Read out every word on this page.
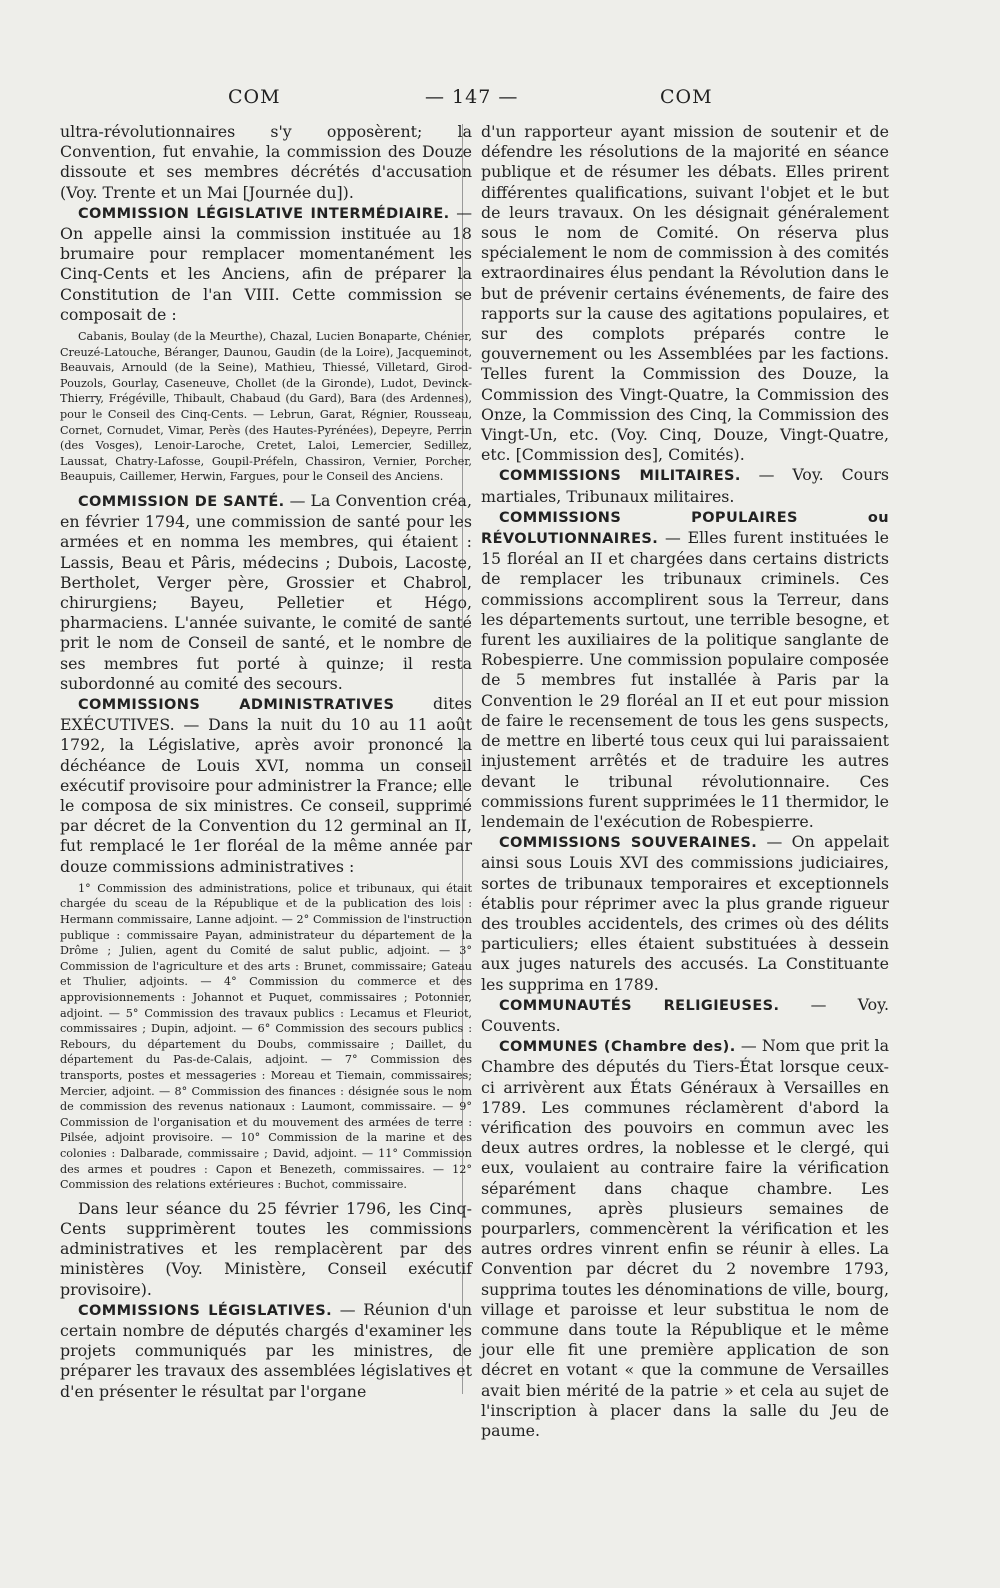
COM	— 147 —	COM

ultra-révolutionnaires s'y opposèrent; la Convention, fut envahie, la commission des Douze dissoute et ses membres décrétés d'accusation (Voy. Trente et un Mai [Journée du]).

COMMISSION LÉGISLATIVE INTERMÉDIAIRE. — On appelle ainsi la commission instituée au 18 brumaire pour remplacer momentanément les Cinq-Cents et les Anciens, afin de préparer la Constitution de l'an VIII. Cette commission se composait de :

Cabanis, Boulay (de la Meurthe), Chazal, Lucien Bonaparte, Chénier, Creuzé-Latouche, Béranger, Daunou, Gaudin (de la Loire), Jacqueminot, Beauvais, Arnould (de la Seine), Mathieu, Thiessé, Villetard, Girod-Pouzols, Gourlay, Caseneuve, Chollet (de la Gironde), Ludot, Devinck-Thierry, Frégéville, Thibault, Chabaud (du Gard), Bara (des Ardennes), pour le Conseil des Cinq-Cents. — Lebrun, Garat, Régnier, Rousseau, Cornet, Cornudet, Vimar, Perès (des Hautes-Pyrénées), Depeyre, Perrin (des Vosges), Lenoir-Laroche, Cretet, Laloi, Lemercier, Sedillez, Laussat, Chatry-Lafosse, Goupil-Préfeln, Chassiron, Vernier, Porcher, Beaupuis, Caillemer, Herwin, Fargues, pour le Conseil des Anciens.

COMMISSION DE SANTÉ. — La Convention créa, en février 1794, une commission de santé pour les armées et en nomma les membres, qui étaient : Lassis, Beau et Pâris, médecins ; Dubois, Lacoste, Bertholet, Verger père, Grossier et Chabrol, chirurgiens; Bayeu, Pelletier et Hégo, pharmaciens. L'année suivante, le comité de santé prit le nom de Conseil de santé, et le nombre de ses membres fut porté à quinze; il resta subordonné au comité des secours.

COMMISSIONS ADMINISTRATIVES dites EXÉCUTIVES. — Dans la nuit du 10 au 11 août 1792, la Législative, après avoir prononcé la déchéance de Louis XVI, nomma un conseil exécutif provisoire pour administrer la France; elle le composa de six ministres. Ce conseil, supprimé par décret de la Convention du 12 germinal an II, fut remplacé le 1er floréal de la même année par douze commissions administratives :

1° Commission des administrations, police et tribunaux, qui était chargée du sceau de la République et de la publication des lois : Hermann commissaire, Lanne adjoint. — 2° Commission de l'instruction publique : commissaire Payan, administrateur du département de la Drôme ; Julien, agent du Comité de salut public, adjoint. — 3° Commission de l'agriculture et des arts : Brunet, commissaire; Gateau et Thulier, adjoints. — 4° Commission du commerce et des approvisionnements : Johannot et Puquet, commissaires ; Potonnier, adjoint. — 5° Commission des travaux publics : Lecamus et Fleuriot, commissaires ; Dupin, adjoint. — 6° Commission des secours publics : Rebours, du département du Doubs, commissaire ; Daillet, du département du Pas-de-Calais, adjoint. — 7° Commission des transports, postes et messageries : Moreau et Tiemain, commissaires; Mercier, adjoint. — 8° Commission des finances : désignée sous le nom de commission des revenus nationaux : Laumont, commissaire. — 9° Commission de l'organisation et du mouvement des armées de terre : Pilsée, adjoint provisoire. — 10° Commission de la marine et des colonies : Dalbarade, commissaire ; David, adjoint. — 11° Commission des armes et poudres : Capon et Benezeth, commissaires. — 12° Commission des relations extérieures : Buchot, commissaire.

Dans leur séance du 25 février 1796, les Cinq-Cents supprimèrent toutes les commissions administratives et les remplacèrent par des ministères (Voy. Ministère, Conseil exécutif provisoire).

COMMISSIONS LÉGISLATIVES. — Réunion d'un certain nombre de députés chargés d'examiner les projets communiqués par les ministres, de préparer les travaux des assemblées législatives et d'en présenter le résultat par l'organe

d'un rapporteur ayant mission de soutenir et de défendre les résolutions de la majorité en séance publique et de résumer les débats. Elles prirent différentes qualifications, suivant l'objet et le but de leurs travaux. On les désignait généralement sous le nom de Comité. On réserva plus spécialement le nom de commission à des comités extraordinaires élus pendant la Révolution dans le but de prévenir certains événements, de faire des rapports sur la cause des agitations populaires, et sur des complots préparés contre le gouvernement ou les Assemblées par les factions. Telles furent la Commission des Douze, la Commission des Vingt-Quatre, la Commission des Onze, la Commission des Cinq, la Commission des Vingt-Un, etc. (Voy. Cinq, Douze, Vingt-Quatre, etc. [Commission des], Comités).

COMMISSIONS MILITAIRES. — Voy. Cours martiales, Tribunaux militaires.

COMMISSIONS POPULAIRES ou RÉVOLUTIONNAIRES. — Elles furent instituées le 15 floréal an II et chargées dans certains districts de remplacer les tribunaux criminels. Ces commissions accomplirent sous la Terreur, dans les départements surtout, une terrible besogne, et furent les auxiliaires de la politique sanglante de Robespierre. Une commission populaire composée de 5 membres fut installée à Paris par la Convention le 29 floréal an II et eut pour mission de faire le recensement de tous les gens suspects, de mettre en liberté tous ceux qui lui paraissaient injustement arrêtés et de traduire les autres devant le tribunal révolutionnaire. Ces commissions furent supprimées le 11 thermidor, le lendemain de l'exécution de Robespierre.

COMMISSIONS SOUVERAINES. — On appelait ainsi sous Louis XVI des commissions judiciaires, sortes de tribunaux temporaires et exceptionnels établis pour réprimer avec la plus grande rigueur des troubles accidentels, des crimes où des délits particuliers; elles étaient substituées à dessein aux juges naturels des accusés. La Constituante les supprima en 1789.

COMMUNAUTÉS RELIGIEUSES. — Voy. Couvents.

COMMUNES (Chambre des). — Nom que prit la Chambre des députés du Tiers-État lorsque ceux-ci arrivèrent aux États Généraux à Versailles en 1789. Les communes réclamèrent d'abord la vérification des pouvoirs en commun avec les deux autres ordres, la noblesse et le clergé, qui eux, voulaient au contraire faire la vérification séparément dans chaque chambre. Les communes, après plusieurs semaines de pourparlers, commencèrent la vérification et les autres ordres vinrent enfin se réunir à elles. La Convention par décret du 2 novembre 1793, supprima toutes les dénominations de ville, bourg, village et paroisse et leur substitua le nom de commune dans toute la République et le même jour elle fit une première application de son décret en votant « que la commune de Versailles avait bien mérité de la patrie » et cela au sujet de l'inscription à placer dans la salle du Jeu de paume.
